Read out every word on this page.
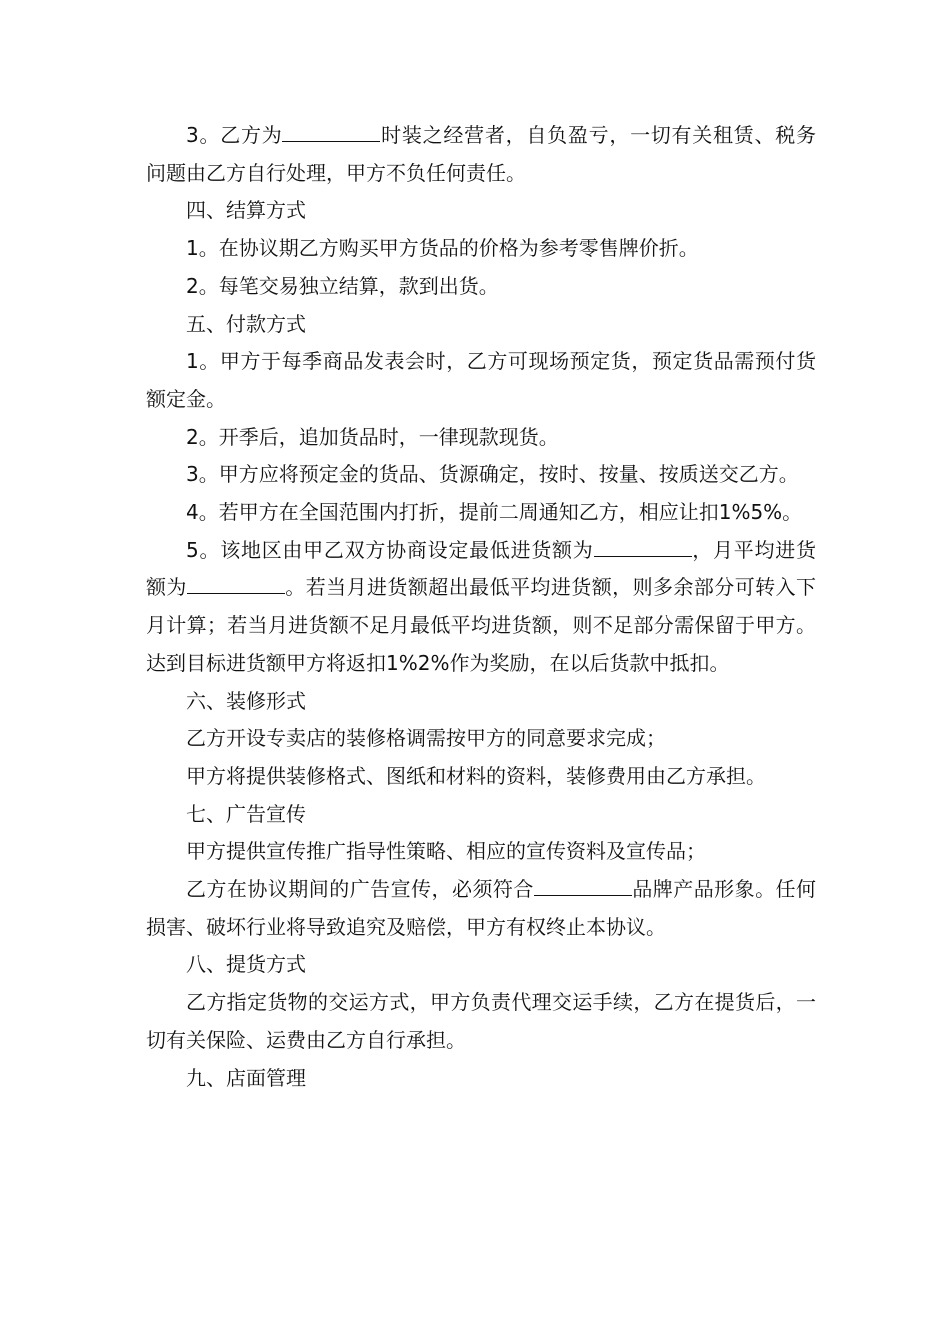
3。乙方为	时装之经营者，自负盈亏，一切有关租赁、税务问题由乙方自行处理，甲方不负任何责任。

四、结算方式

1。在协议期乙方购买甲方货品的价格为参考零售牌价折。

2。每笔交易独立结算，款到出货。

五、付款方式

1。甲方于每季商品发表会时，乙方可现场预定货，预定货品需预付货额定金。

2。开季后，追加货品时，一律现款现货。

3。甲方应将预定金的货品、货源确定，按时、按量、按质送交乙方。

4。若甲方在全国范围内打折，提前二周通知乙方，相应让扣1%5%。

5。该地区由甲乙双方协商设定最低进货额为	，月平均进货额为	。若当月进货额超出最低平均进货额，则多余部分可转入下月计算；若当月进货额不足月最低平均进货额，则不足部分需保留于甲方。达到目标进货额甲方将返扣1%2%作为奖励，在以后货款中抵扣。

六、装修形式

乙方开设专卖店的装修格调需按甲方的同意要求完成；

甲方将提供装修格式、图纸和材料的资料，装修费用由乙方承担。

七、广告宣传

甲方提供宣传推广指导性策略、相应的宣传资料及宣传品；

乙方在协议期间的广告宣传，必须符合	品牌产品形象。任何损害、破坏行业将导致追究及赔偿，甲方有权终止本协议。

八、提货方式

乙方指定货物的交运方式，甲方负责代理交运手续，乙方在提货后，一切有关保险、运费由乙方自行承担。

九、店面管理
